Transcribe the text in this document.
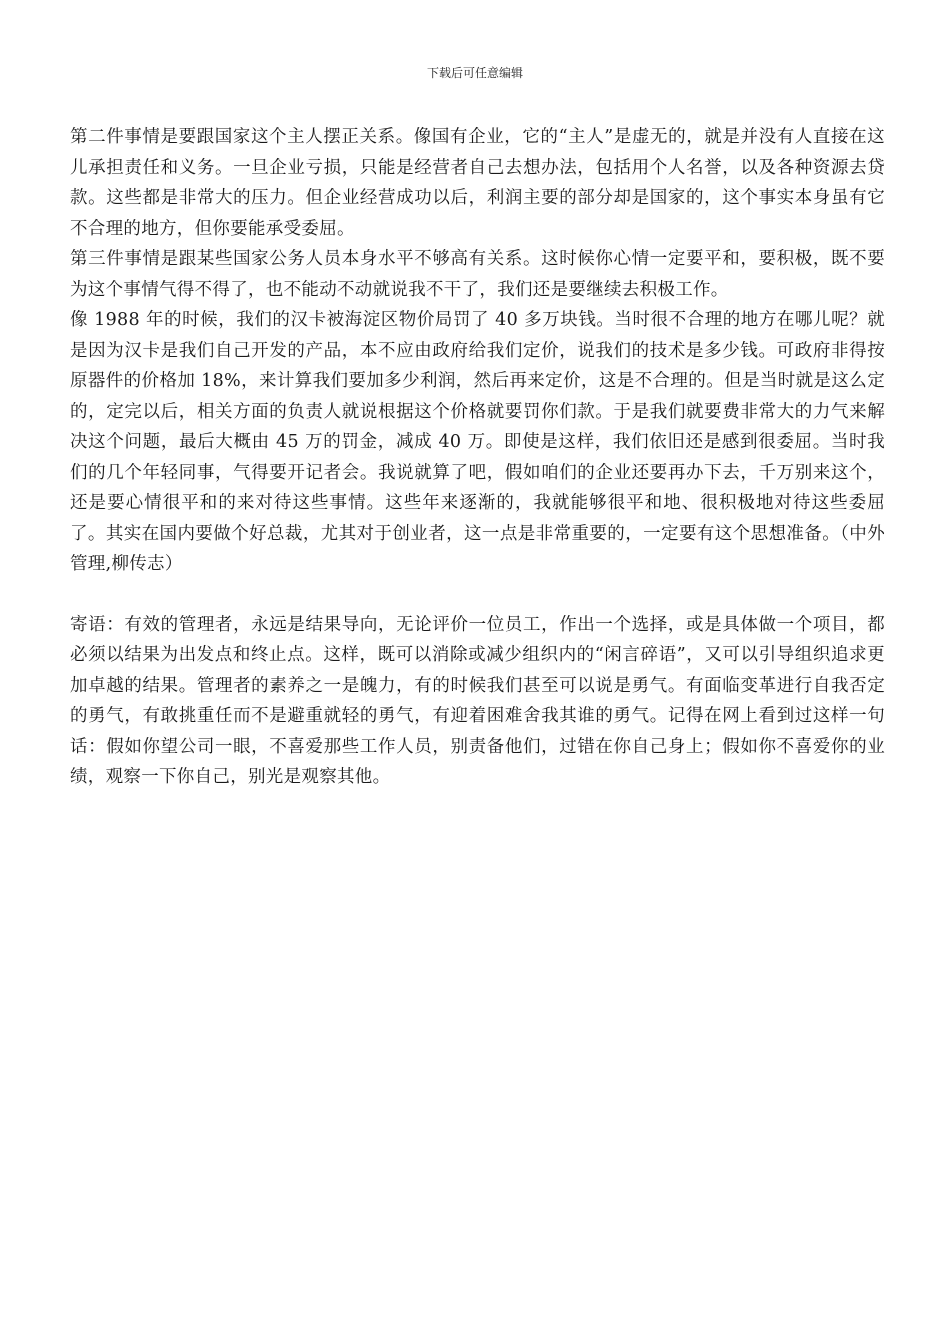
下载后可任意编辑

第二件事情是要跟国家这个主人摆正关系。像国有企业，它的“主人”是虚无的，就是并没有人直接在这儿承担责任和义务。一旦企业亏损，只能是经营者自己去想办法，包括用个人名誉，以及各种资源去贷款。这些都是非常大的压力。但企业经营成功以后，利润主要的部分却是国家的，这个事实本身虽有它不合理的地方，但你要能承受委屈。

第三件事情是跟某些国家公务人员本身水平不够高有关系。这时候你心情一定要平和，要积极，既不要为这个事情气得不得了，也不能动不动就说我不干了，我们还是要继续去积极工作。

像 1988 年的时候，我们的汉卡被海淀区物价局罚了 40 多万块钱。当时很不合理的地方在哪儿呢？就是因为汉卡是我们自己开发的产品，本不应由政府给我们定价，说我们的技术是多少钱。可政府非得按原器件的价格加 18%，来计算我们要加多少利润，然后再来定价，这是不合理的。但是当时就是这么定的，定完以后，相关方面的负责人就说根据这个价格就要罚你们款。于是我们就要费非常大的力气来解决这个问题，最后大概由 45 万的罚金，减成 40 万。即使是这样，我们依旧还是感到很委屈。当时我们的几个年轻同事，气得要开记者会。我说就算了吧，假如咱们的企业还要再办下去，千万别来这个，还是要心情很平和的来对待这些事情。这些年来逐渐的，我就能够很平和地、很积极地对待这些委屈了。其实在国内要做个好总裁，尤其对于创业者，这一点是非常重要的，一定要有这个思想准备。（中外管理,柳传志）

寄语：有效的管理者，永远是结果导向，无论评价一位员工，作出一个选择，或是具体做一个项目，都必须以结果为出发点和终止点。这样，既可以消除或减少组织内的“闲言碎语”，又可以引导组织追求更加卓越的结果。管理者的素养之一是魄力，有的时候我们甚至可以说是勇气。有面临变革进行自我否定的勇气，有敢挑重任而不是避重就轻的勇气，有迎着困难舍我其谁的勇气。记得在网上看到过这样一句话：假如你望公司一眼，不喜爱那些工作人员，别责备他们，过错在你自己身上；假如你不喜爱你的业绩，观察一下你自己，别光是观察其他。
